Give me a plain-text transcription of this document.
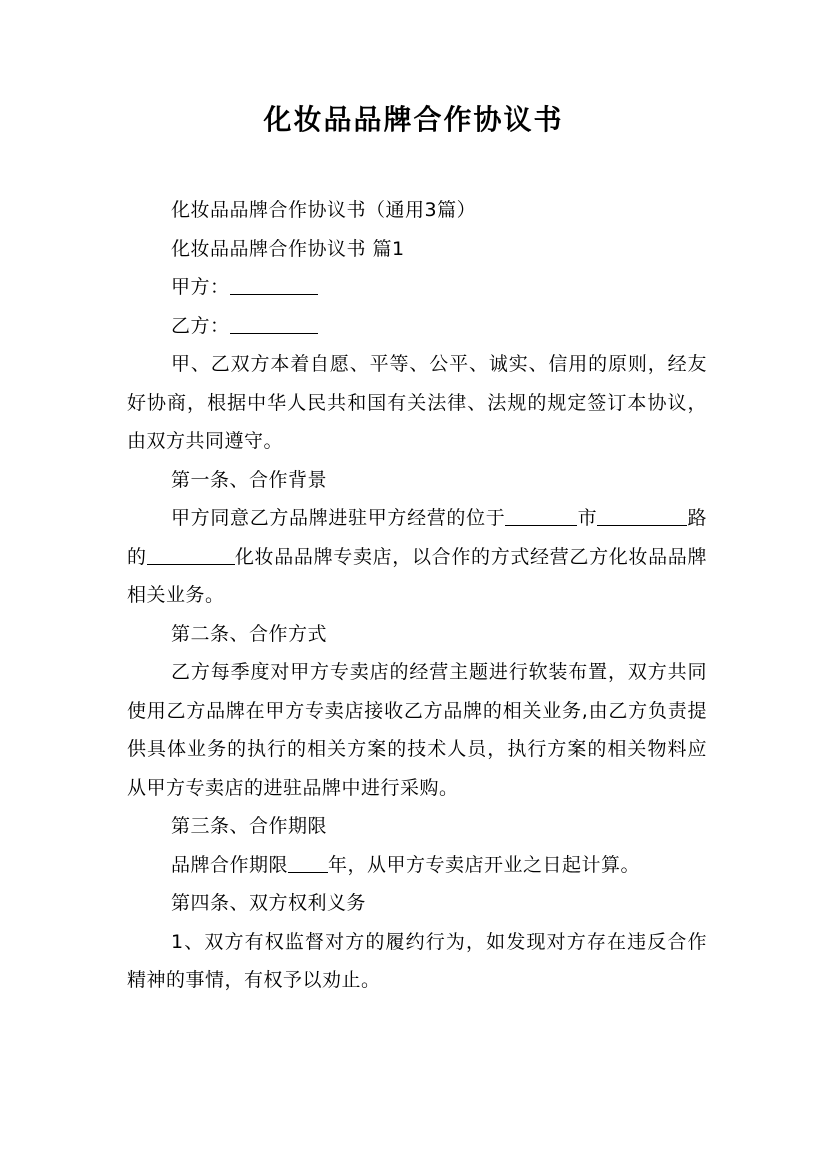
化妆品品牌合作协议书

化妆品品牌合作协议书（通用3篇）

化妆品品牌合作协议书 篇1

甲方：

乙方：

甲、乙双方本着自愿、平等、公平、诚实、信用的原则，经友好协商，根据中华人民共和国有关法律、法规的规定签订本协议，由双方共同遵守。

第一条、合作背景

甲方同意乙方品牌进驻甲方经营的位于	市	路的	化妆品品牌专卖店，以合作的方式经营乙方化妆品品牌相关业务。

第二条、合作方式

乙方每季度对甲方专卖店的经营主题进行软装布置，双方共同使用乙方品牌在甲方专卖店接收乙方品牌的相关业务,由乙方负责提供具体业务的执行的相关方案的技术人员，执行方案的相关物料应从甲方专卖店的进驻品牌中进行采购。

第三条、合作期限

品牌合作期限 年，从甲方专卖店开业之日起计算。

第四条、双方权利义务

1、双方有权监督对方的履约行为，如发现对方存在违反合作精神的事情，有权予以劝止。
